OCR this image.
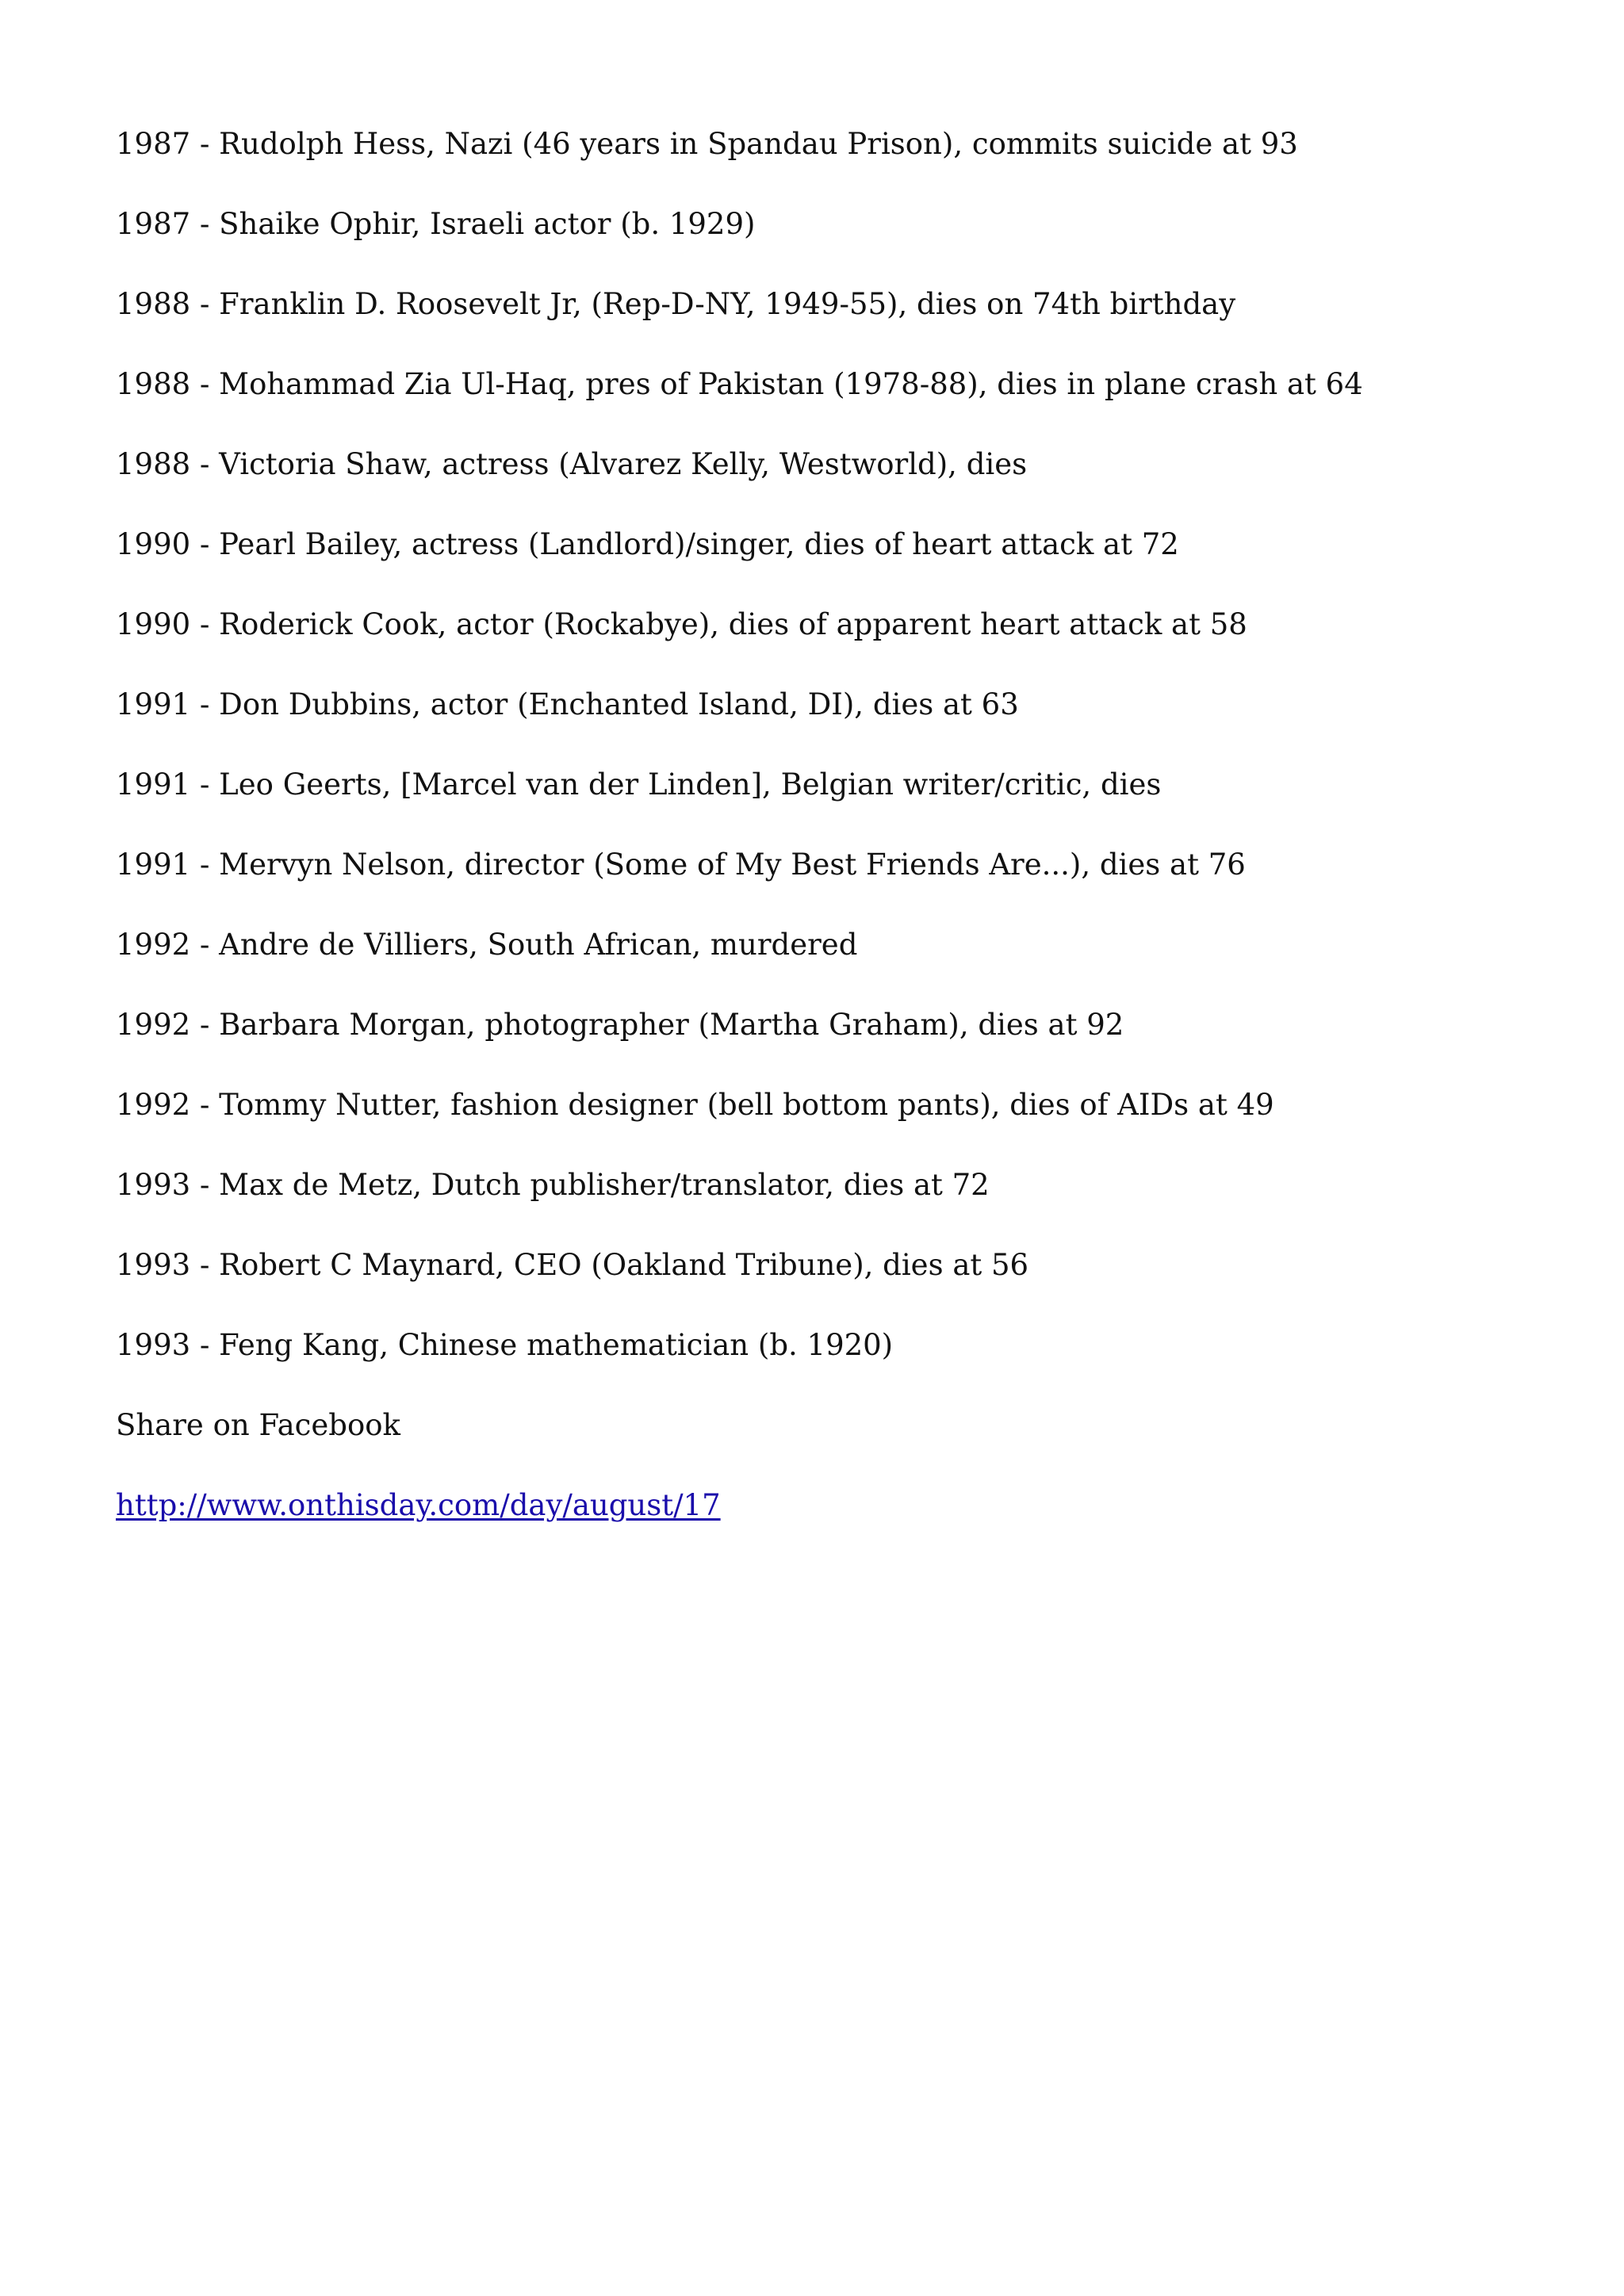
1987 - Rudolph Hess, Nazi (46 years in Spandau Prison), commits suicide at 93
1987 - Shaike Ophir, Israeli actor (b. 1929)
1988 - Franklin D. Roosevelt Jr, (Rep-D-NY, 1949-55), dies on 74th birthday
1988 - Mohammad Zia Ul-Haq, pres of Pakistan (1978-88), dies in plane crash at 64
1988 - Victoria Shaw, actress (Alvarez Kelly, Westworld), dies
1990 - Pearl Bailey, actress (Landlord)/singer, dies of heart attack at 72
1990 - Roderick Cook, actor (Rockabye), dies of apparent heart attack at 58
1991 - Don Dubbins, actor (Enchanted Island, DI), dies at 63
1991 - Leo Geerts, [Marcel van der Linden], Belgian writer/critic, dies
1991 - Mervyn Nelson, director (Some of My Best Friends Are...), dies at 76
1992 - Andre de Villiers, South African, murdered
1992 - Barbara Morgan, photographer (Martha Graham), dies at 92
1992 - Tommy Nutter, fashion designer (bell bottom pants), dies of AIDs at 49
1993 - Max de Metz, Dutch publisher/translator, dies at 72
1993 - Robert C Maynard, CEO (Oakland Tribune), dies at 56
1993 - Feng Kang, Chinese mathematician (b. 1920)
Share on Facebook
http://www.onthisday.com/day/august/17
